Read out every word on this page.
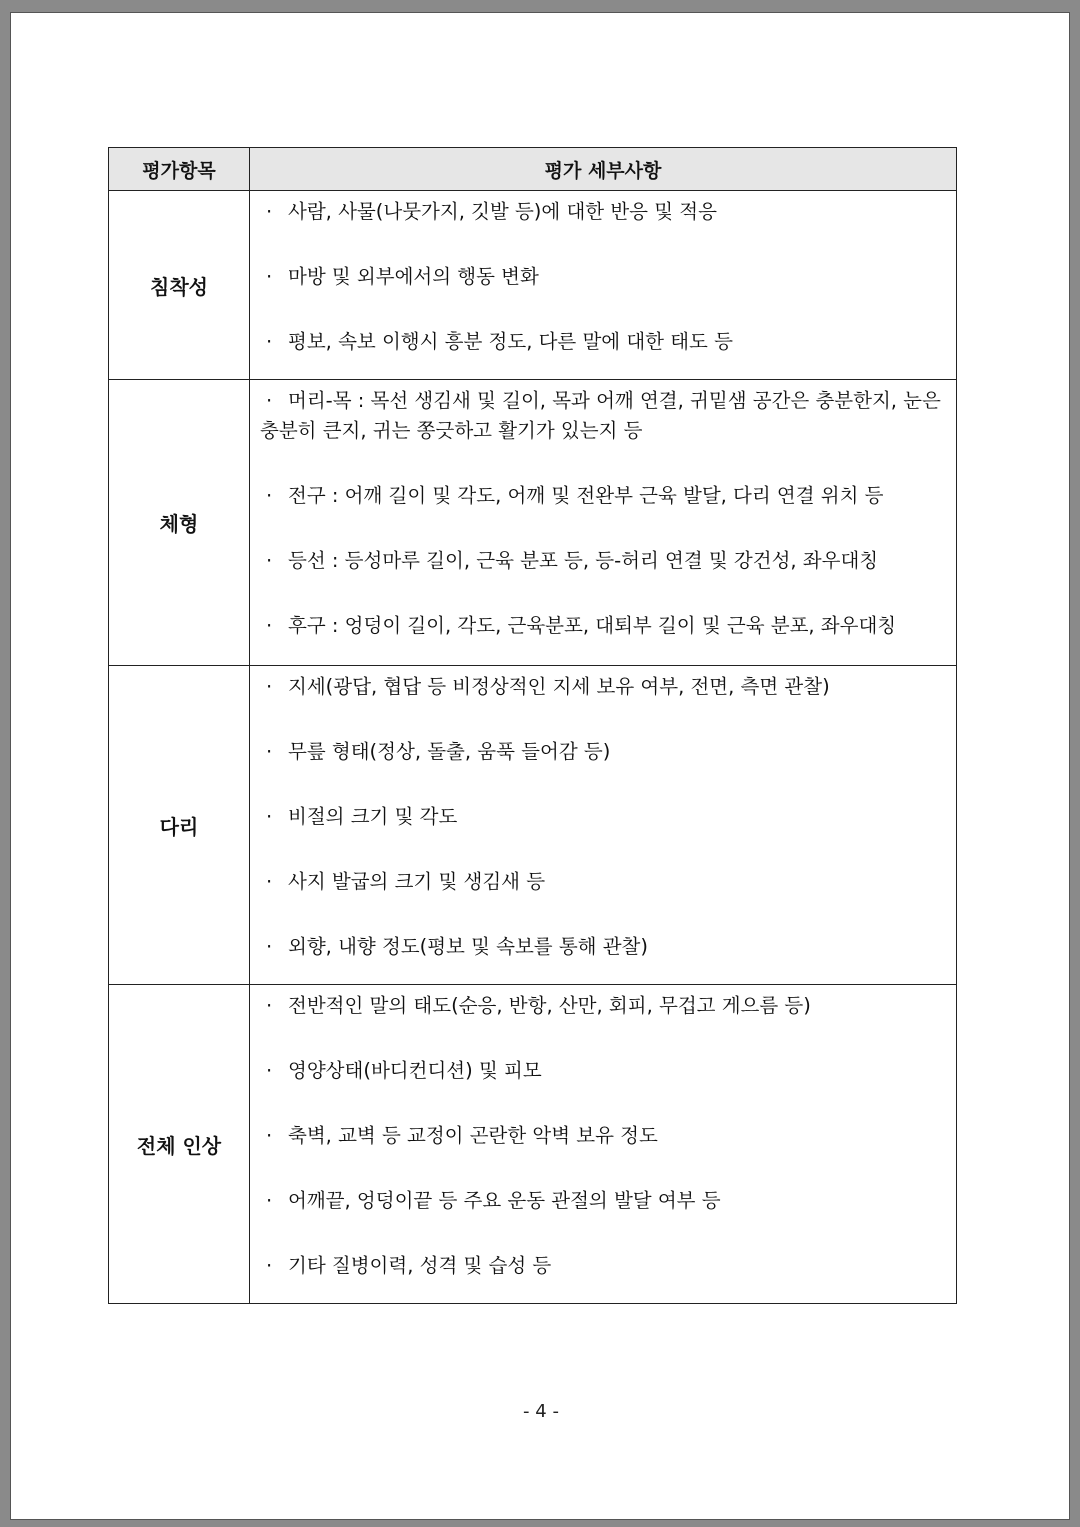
평가항목	평가 세부사항
침착성	· 사람, 사물(나뭇가지, 깃발 등)에 대한 반응 및 적응
· 마방 및 외부에서의 행동 변화
· 평보, 속보 이행시 흥분 정도, 다른 말에 대한 태도 등

체형	· 머리-목 : 목선 생김새 및 길이, 목과 어깨 연결, 귀밑샘 공간은 충분한지, 눈은 충분히 큰지, 귀는 쫑긋하고 활기가 있는지 등
· 전구 : 어깨 길이 및 각도, 어깨 및 전완부 근육 발달, 다리 연결 위치 등
· 등선 : 등성마루 길이, 근육 분포 등, 등-허리 연결 및 강건성, 좌우대칭
· 후구 : 엉덩이 길이, 각도, 근육분포, 대퇴부 길이 및 근육 분포, 좌우대칭

다리	· 지세(광답, 협답 등 비정상적인 지세 보유 여부, 전면, 측면 관찰)
· 무릎 형태(정상, 돌출, 움푹 들어감 등)
· 비절의 크기 및 각도
· 사지 발굽의 크기 및 생김새 등
· 외향, 내향 정도(평보 및 속보를 통해 관찰)

전체 인상	· 전반적인 말의 태도(순응, 반항, 산만, 회피, 무겁고 게으름 등)
· 영양상태(바디컨디션) 및 피모
· 축벽, 교벽 등 교정이 곤란한 악벽 보유 정도
· 어깨끝, 엉덩이끝 등 주요 운동 관절의 발달 여부 등
· 기타 질병이력, 성격 및 습성 등
- 4 -
